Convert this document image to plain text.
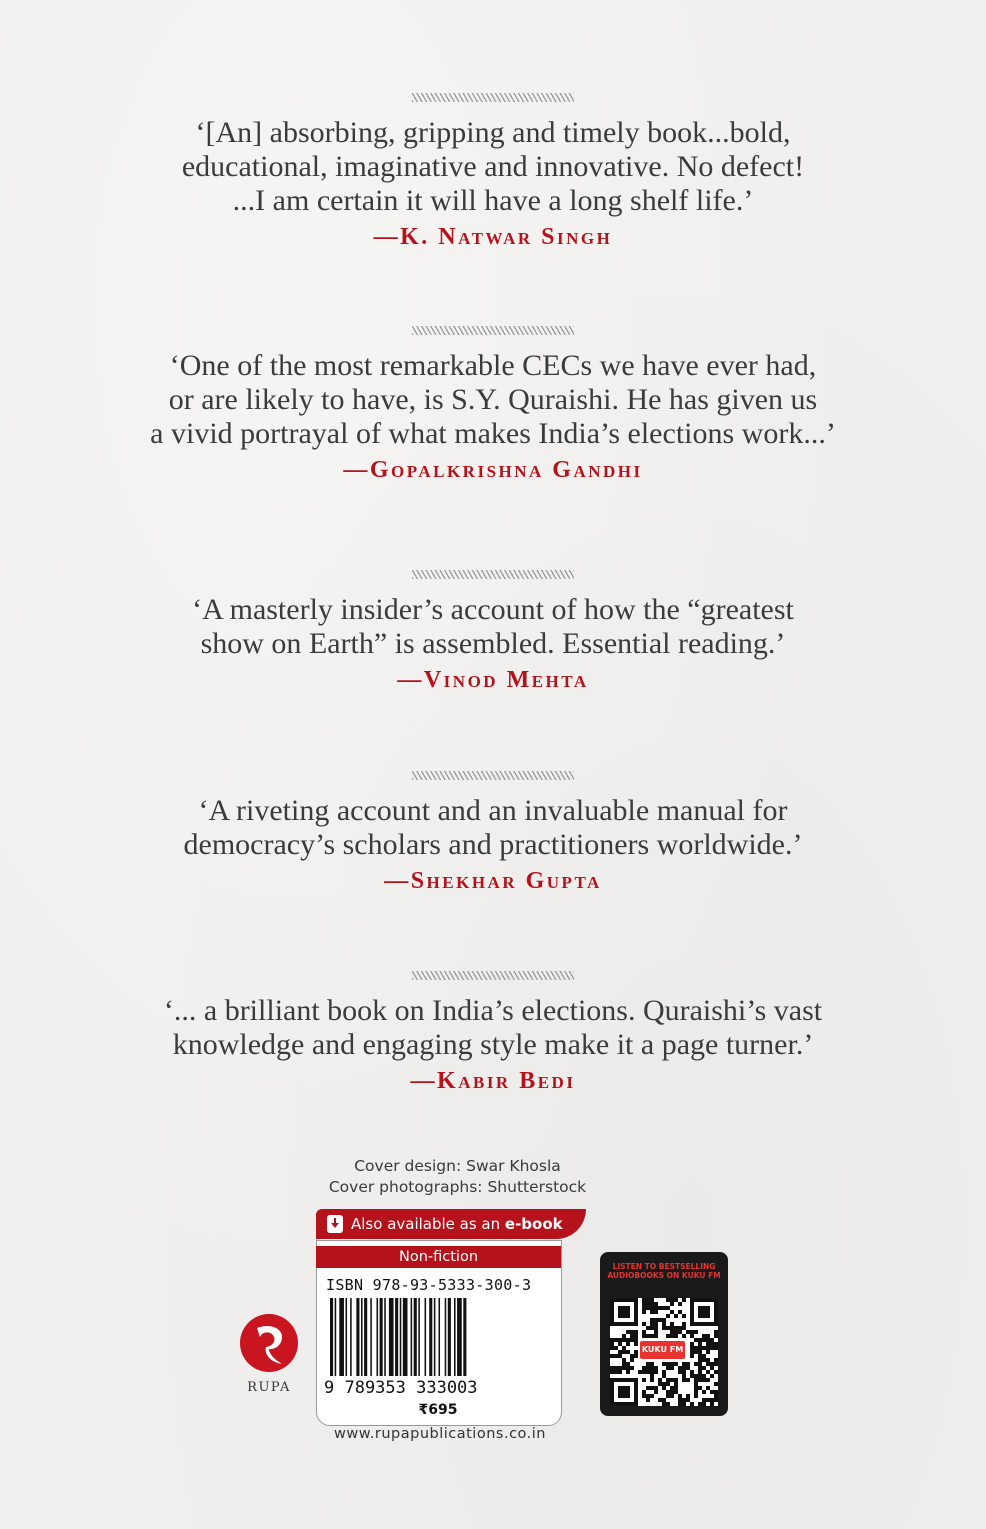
‘[An] absorbing, gripping and timely book...bold,
educational, imaginative and innovative. No defect!
...I am certain it will have a long shelf life.’
—K. Natwar Singh
‘One of the most remarkable CECs we have ever had,
or are likely to have, is S.Y. Quraishi. He has given us
a vivid portrayal of what makes India’s elections work...’
—Gopalkrishna Gandhi
‘A masterly insider’s account of how the “greatest
show on Earth” is assembled. Essential reading.’
—Vinod Mehta
‘A riveting account and an invaluable manual for
democracy’s scholars and practitioners worldwide.’
—Shekhar Gupta
‘... a brilliant book on India’s elections. Quraishi’s vast
knowledge and engaging style make it a page turner.’
—Kabir Bedi
Cover design: Swar Khosla
Cover photographs: Shutterstock
Also available as an e-book
Non-fiction
ISBN 978-93-5333-300-3
9 789353 333003
₹695
www.rupapublications.co.in
RUPA
LISTEN TO BESTSELLING AUDIOBOOKS ON KUKU FM
KUKU FM
